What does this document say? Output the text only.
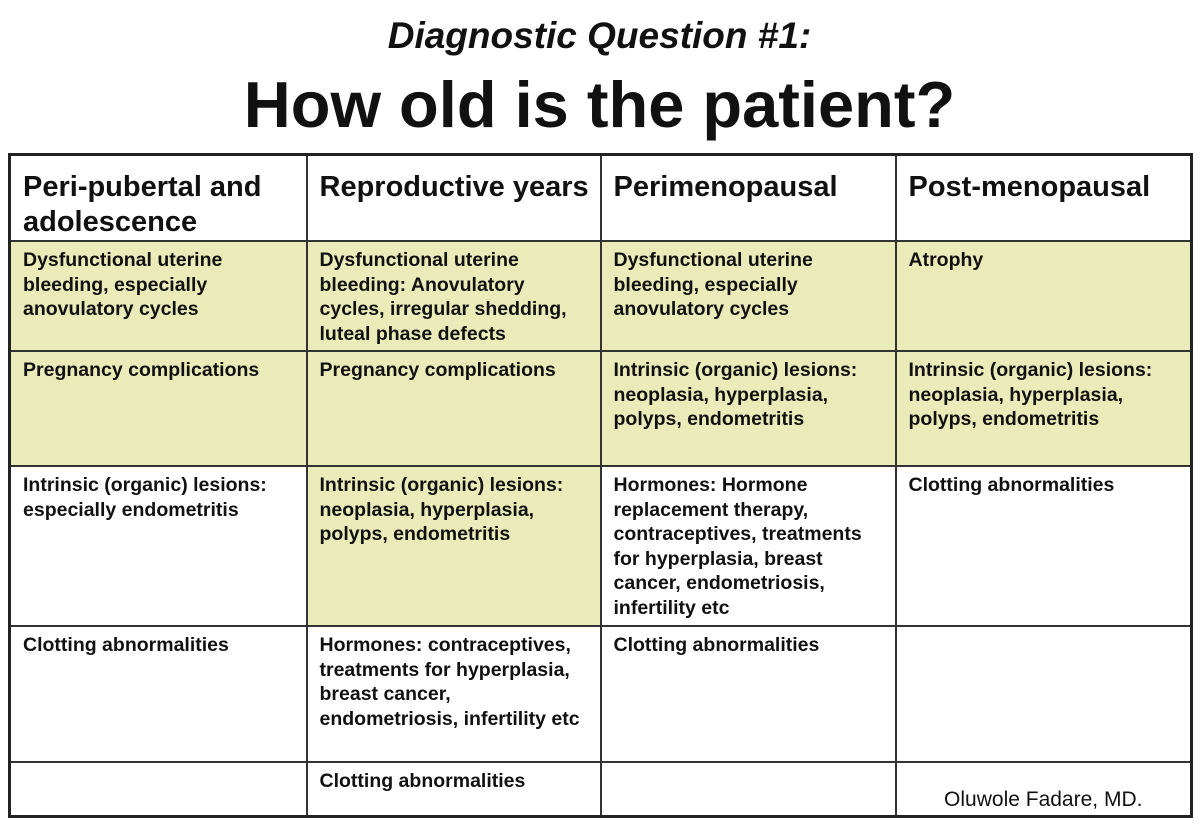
Diagnostic Question #1:
How old is the patient?
Peri-pubertal and adolescence	Reproductive years	Perimenopausal	Post-menopausal
Dysfunctional uterine bleeding, especially anovulatory cycles	Dysfunctional uterine bleeding: Anovulatory cycles, irregular shedding, luteal phase defects	Dysfunctional uterine bleeding, especially anovulatory cycles	Atrophy
Pregnancy complications	Pregnancy complications	Intrinsic (organic) lesions: neoplasia, hyperplasia, polyps, endometritis	Intrinsic (organic) lesions: neoplasia, hyperplasia, polyps, endometritis
Intrinsic (organic) lesions: especially endometritis	Intrinsic (organic) lesions: neoplasia, hyperplasia, polyps, endometritis	Hormones: Hormone replacement therapy, contraceptives, treatments for hyperplasia, breast cancer, endometriosis, infertility etc	Clotting abnormalities
Clotting abnormalities	Hormones: contraceptives, treatments for hyperplasia, breast cancer, endometriosis, infertility etc	Clotting abnormalities	
	Clotting abnormalities		Oluwole Fadare, MD.
